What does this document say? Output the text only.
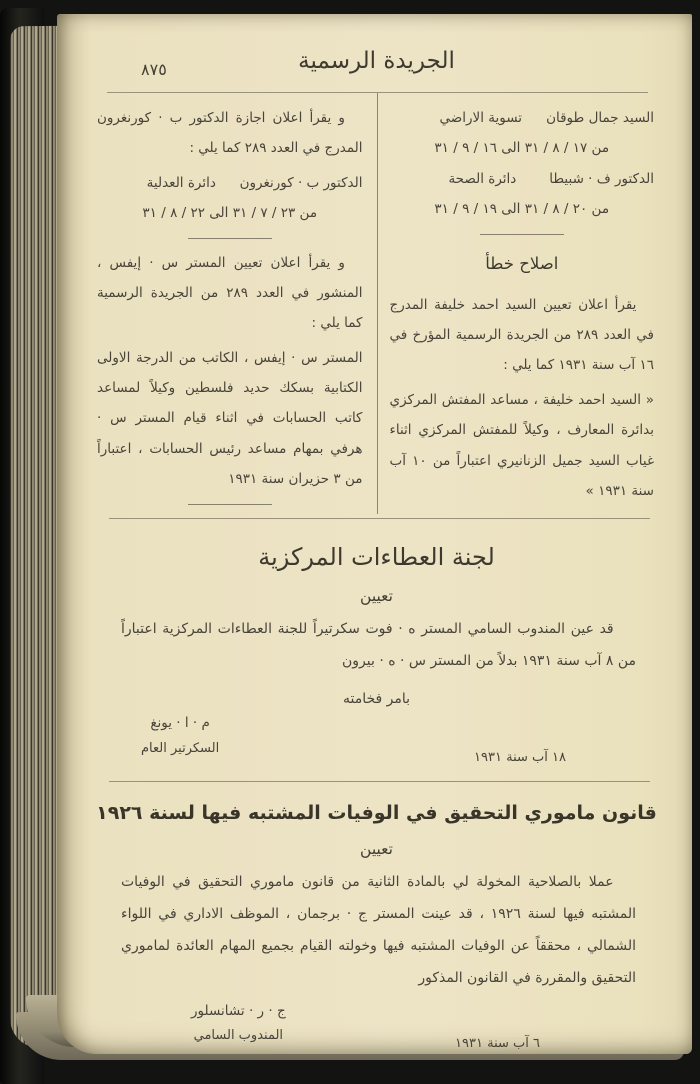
٨٧٥	الجريدة الرسمية
السيد جمال طوقان
تسوية الاراضي
من ١٧ / ٨ / ٣١ الى ١٦ / ٩ / ٣١
الدكتور ف · شبيطا
دائرة الصحة
من ٢٠ / ٨ / ٣١ الى ١٩ / ٩ / ٣١
اصلاح خطأ

يقرأ اعلان تعيين السيد احمد خليفة المدرج في العدد ٢٨٩ من الجريدة الرسمية المؤرخ في ١٦ آب سنة ١٩٣١ كما يلي :

« السيد احمد خليفة ، مساعد المفتش المركزي بدائرة المعارف ، وكيلاً للمفتش المركزي اثناء غياب السيد جميل الزنانيري اعتباراً من ١٠ آب سنة ١٩٣١ »

و يقرأ اعلان اجازة الدكتور ب · كورنغرون المدرج في العدد ٢٨٩ كما يلي :

الدكتور ب · كورنغرون
دائرة العدلية
من ٢٣ / ٧ / ٣١ الى ٢٢ / ٨ / ٣١

و يقرأ اعلان تعيين المستر س · إيفس ، المنشور في العدد ٢٨٩ من الجريدة الرسمية كما يلي :

المستر س · إيفس ، الكاتب من الدرجة الاولى الكتابية بسكك حديد فلسطين وكيلاً لمساعد كاتب الحسابات في اثناء قيام المستر س · هرفي بمهام مساعد رئيس الحسابات ، اعتباراً من ٣ حزيران سنة ١٩٣١

لجنة العطاءات المركزية
تعيين

قد عين المندوب السامي المستر ه · فوت سكرتيراً للجنة العطاءات المركزية اعتباراً من ٨ آب سنة ١٩٣١ بدلاً من المستر س · ه · بيرون

بامر فخامته
م · ا · يونغ
السكرتير العام
١٨ آب سنة ١٩٣١
قانون ماموري التحقيق في الوفيات المشتبه فيها لسنة ١٩٢٦
تعيين

عملا بالصلاحية المخولة لي بالمادة الثانية من قانون ماموري التحقيق في الوفيات المشتبه فيها لسنة ١٩٢٦ ، قد عينت المستر ج · برجمان ، الموظف الاداري في اللواء الشمالي ، محققاً عن الوفيات المشتبه فيها وخولته القيام بجميع المهام العائدة لماموري التحقيق والمقررة في القانون المذكور

ج · ر · تشانسلور
المندوب السامي	٦ آب سنة ١٩٣١
